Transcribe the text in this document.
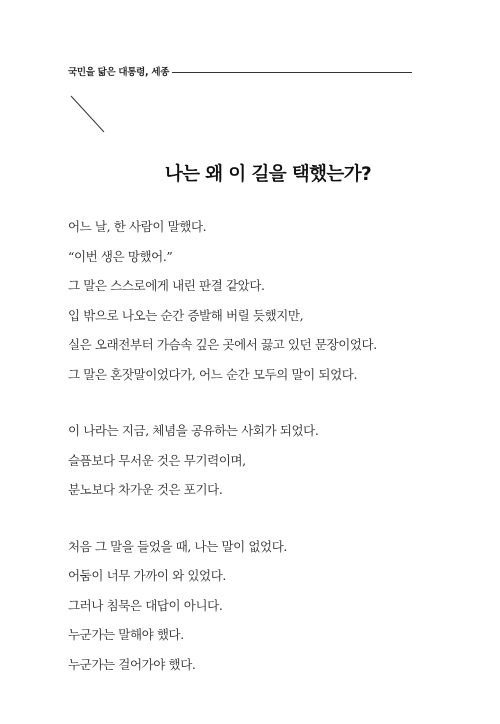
국민을 닮은 대통령, 세종
나는 왜 이 길을 택했는가?
어느 날, 한 사람이 말했다.
“이번 생은 망했어.”
그 말은 스스로에게 내린 판결 같았다.
입 밖으로 나오는 순간 증발해 버릴 듯했지만,
실은 오래전부터 가슴속 깊은 곳에서 끓고 있던 문장이었다.
그 말은 혼잣말이었다가, 어느 순간 모두의 말이 되었다.
이 나라는 지금, 체념을 공유하는 사회가 되었다.
슬픔보다 무서운 것은 무기력이며,
분노보다 차가운 것은 포기다.
처음 그 말을 들었을 때, 나는 말이 없었다.
어둠이 너무 가까이 와 있었다.
그러나 침묵은 대답이 아니다.
누군가는 말해야 했다.
누군가는 걸어가야 했다.
